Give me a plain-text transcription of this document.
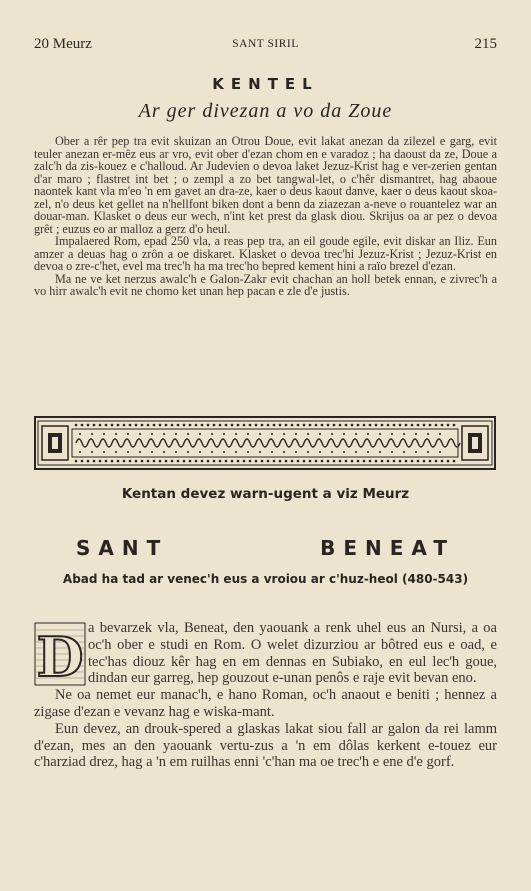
20 Meurz	SANT SIRIL	215
KENTEL
Ar ger divezan a vo da Zoue

Ober a rêr pep tra evit skuizan an Otrou Doue, evit lakat anezan da zilezel e garg, evit teuler anezan er-mêz eus ar vro, evit ober d'ezan chom en e varadoz ; ha daoust da ze, Doue a zalc'h da zis-kouez e c'halloud. Ar Judevien o devoa laket Jezuz-Krist hag e ver-zerien gentan d'ar maro ; flastret int bet ; o zempl a zo bet tangwal-let, o c'hêr dismantret, hag abaoue naontek kant vla m'eo 'n em gavet an dra-ze, kaer o deus kaout danve, kaer o deus kaout skoa-zel, n'o deus ket gellet na n'hellfont biken dont a benn da ziazezan a-neve o rouantelez war an douar-man. Klasket o deus eur wech, n'int ket prest da glask diou. Skrijus oa ar pez o devoa grêt ; euzus eo ar malloz a gerz d'o heul.

Impalaered Rom, epad 250 vla, a reas pep tra, an eil goude egile, evit diskar an Iliz. Eun amzer a deuas hag o zrôn a oe diskaret. Klasket o devoa trec'hi Jezuz-Krist ; Jezuz-Krist en devoa o zre-c'het, evel ma trec'h ha ma trec'ho bepred kement hini a raïo brezel d'ezan.

Ma ne ve ket nerzus awalc'h e Galon-Zakr evit chachan an holl betek ennan, e zivrec'h a vo hirr awalc'h evit ne chomo ket unan hep pacan e zle d'e justis.

Kentan devez warn-ugent a viz Meurz
SANT	BENEAT
Abad ha tad ar venec'h eus a vroiou ar c'huz-heol (480-543)
D a bevarzek vla, Beneat, den yaouank a renk uhel eus an Nursi, a oa oc'h ober e studi en Rom. O welet dizurziou ar bôtred eus e oad, e tec'has diouz kêr hag en em dennas en Subiako, en eul lec'h goue, dindan eur garreg, hep gouzout e-unan penôs e raje evit bevan eno.

Ne oa nemet eur manac'h, e hano Roman, oc'h anaout e beniti ; hennez a zigase d'ezan e vevanz hag e wiska-mant.

Eun devez, an drouk-spered a glaskas lakat siou fall ar galon da rei lamm d'ezan, mes an den yaouank vertu-zus a 'n em dôlas kerkent e-touez eur c'harziad drez, hag a 'n em ruilhas enni 'c'han ma oe trec'h e ene d'e gorf.
